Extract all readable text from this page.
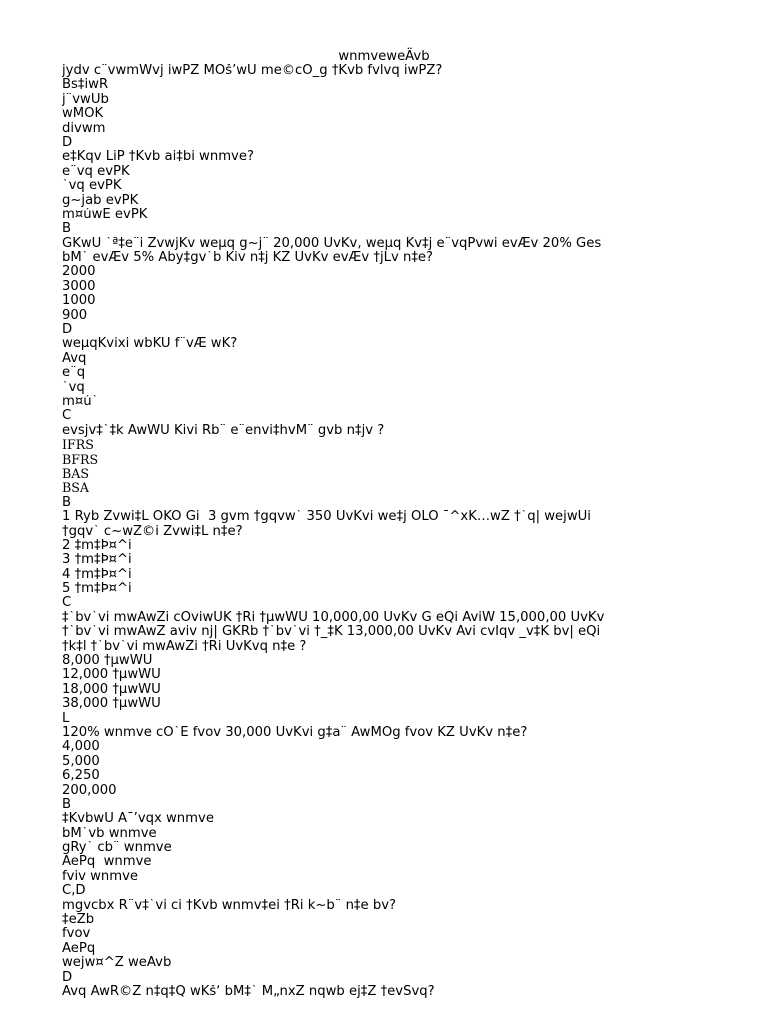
wnmveweÄvb
jydv c¨vwmWvj iwPZ MÖš’wU me©cÖ_g †Kvb fvlvq iwPZ?
Bs‡iwR
j¨vwUb
wMÖK
divwm
D
e‡Kqv LiP †Kvb ai‡bi wnmve?
e¨vq evPK
`vq evPK
g~jab evPK
m¤úwË evPK
B
GKwU `ª‡e¨i ZvwjKv weµq g~j¨ 20,000 UvKv, weµq Kv‡j e¨vqPvwi evÆv 20% Ges
bM` evÆv 5% Aby‡gv`b Kiv n‡j KZ UvKv evÆv †jLv n‡e?
2000
3000
1000
900
D
weµqKvixi wbKU f¨vÆ wK?
Avq
e¨q
`vq
m¤ú`
C
evsjv‡`‡k AwWU Kivi Rb¨ e¨envi‡hvM¨ gvb n‡jv ?
IFRS
BFRS
BAS
BSA
B
1 Ryb Zvwi‡L ÔKÕ Gi  3 gvm †gqvw` 350 UvKvi we‡j ÔLÕ ¯^xK…wZ †`q| wejwUi
†gqv` c~wZ©i Zvwi‡L n‡e?
2 ‡m‡Þ¤^i
3 †m‡Þ¤^i
4 †m‡Þ¤^i
5 †m‡Þ¤^i
C
‡`bv`vi mwÂwZi cÖviwÜK †Ri †µwWU 10,000,00 UvKv G eQi AviW 15,000,00 UvKv
†`bv`vi mwÂwZ aviv nj| GKRb †`bv`vi †_‡K 13,000,00 UvKv Avi cvIqv _v‡K bv| eQi
†k‡l †`bv`vi mwÂwZi †Ri UvKvq n‡e ?
8,000 †µwWU
12,000 †µwWU
18,000 †µwWU
38,000 †µwWU
L
120% wnmve cÖ`Ë fvov 30,000 UvKvi g‡a¨ AwMÖg fvov KZ UvKv n‡e?
4,000
5,000
6,250
200,000
B
‡KvbwU A¯’vqx wnmve
bM`vb wnmve
gRy` cb¨ wnmve
AePq  wnmve
fviv wnmve
C,D
mgvcbx R¨v‡`vi ci †Kvb wnmv‡ei †Ri k~b¨ n‡e bv?
‡eZb
fvov
AePq
wejw¤^Z weÄvb
D
Avq AwR©Z n‡q‡Q wKš‘ bM‡` M„nxZ nqwb ej‡Z †evSvq?
